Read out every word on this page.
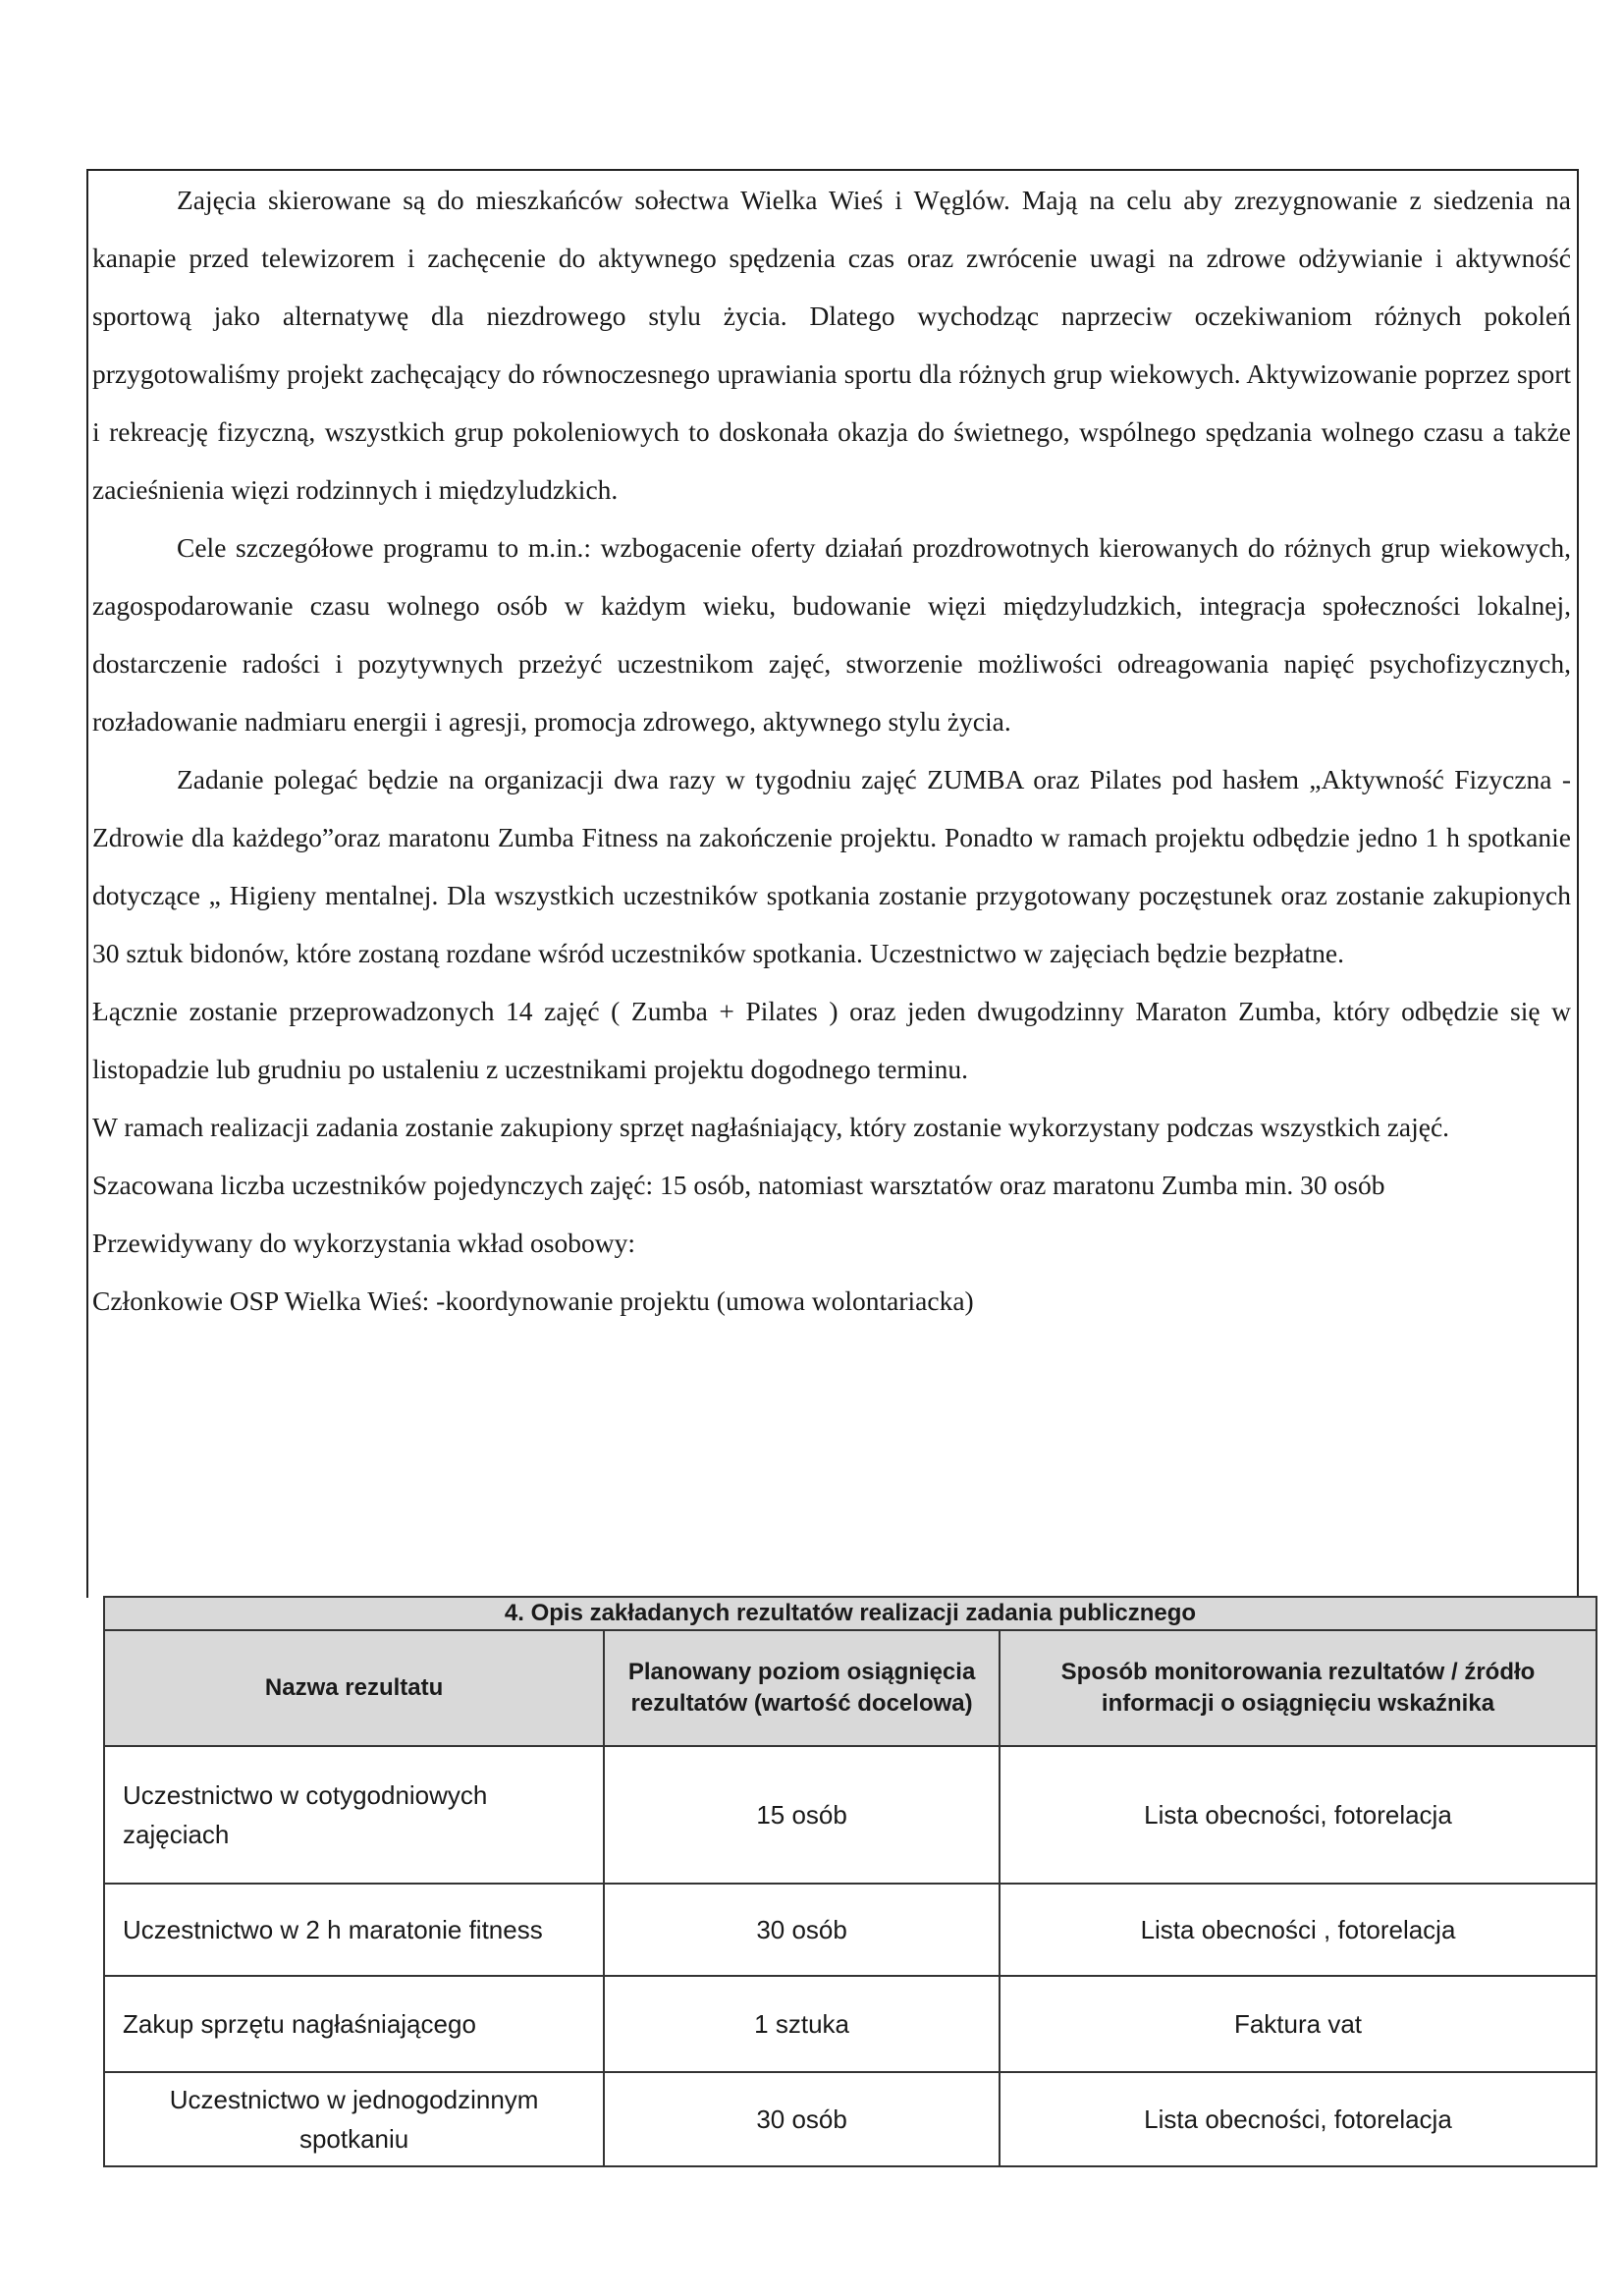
Zajęcia skierowane są do mieszkańców sołectwa Wielka Wieś i Węglów. Mają na celu aby zrezygnowanie z siedzenia na kanapie przed telewizorem i zachęcenie do aktywnego spędzenia czas oraz zwrócenie uwagi na zdrowe odżywianie i aktywność sportową jako alternatywę dla niezdrowego stylu życia. Dlatego wychodząc naprzeciw oczekiwaniom różnych pokoleń przygotowaliśmy projekt zachęcający do równoczesnego uprawiania sportu dla różnych grup wiekowych. Aktywizowanie poprzez sport i rekreację fizyczną, wszystkich grup pokoleniowych to doskonała okazja do świetnego, wspólnego spędzania wolnego czasu a także zacieśnienia więzi rodzinnych i międzyludzkich.

Cele szczegółowe programu to m.in.: wzbogacenie oferty działań prozdrowotnych kierowanych do różnych grup wiekowych, zagospodarowanie czasu wolnego osób w każdym wieku, budowanie więzi międzyludzkich, integracja społeczności lokalnej, dostarczenie radości i pozytywnych przeżyć uczestnikom zajęć, stworzenie możliwości odreagowania napięć psychofizycznych, rozładowanie nadmiaru energii i agresji, promocja zdrowego, aktywnego stylu życia.

Zadanie polegać będzie na organizacji dwa razy w tygodniu zajęć ZUMBA oraz Pilates pod hasłem „Aktywność Fizyczna - Zdrowie dla każdego”oraz maratonu Zumba Fitness na zakończenie projektu. Ponadto w ramach projektu odbędzie jedno 1 h spotkanie dotyczące „ Higieny mentalnej. Dla wszystkich uczestników spotkania zostanie przygotowany poczęstunek oraz zostanie zakupionych 30 sztuk bidonów, które zostaną rozdane wśród uczestników spotkania. Uczestnictwo w zajęciach będzie bezpłatne.

Łącznie zostanie przeprowadzonych 14 zajęć ( Zumba + Pilates ) oraz jeden dwugodzinny Maraton Zumba, który odbędzie się w listopadzie lub grudniu po ustaleniu z uczestnikami projektu dogodnego terminu.

W ramach realizacji zadania zostanie zakupiony sprzęt nagłaśniający, który zostanie wykorzystany podczas wszystkich zajęć.

Szacowana liczba uczestników pojedynczych zajęć: 15 osób, natomiast warsztatów oraz maratonu Zumba min. 30 osób

Przewidywany do wykorzystania wkład osobowy:

Członkowie OSP Wielka Wieś: -koordynowanie projektu (umowa wolontariacka)

4. Opis zakładanych rezultatów realizacji zadania publicznego		
Nazwa rezultatu	Planowany poziom osiągnięcia rezultatów (wartość docelowa)	Sposób monitorowania rezultatów / źródło informacji o osiągnięciu wskaźnika
Uczestnictwo w cotygodniowych zajęciach	15 osób	Lista obecności, fotorelacja
Uczestnictwo w 2 h maratonie fitness	30 osób	Lista obecności , fotorelacja
Zakup sprzętu nagłaśniającego	1 sztuka	Faktura vat
Uczestnictwo w jednogodzinnym spotkaniu	30 osób	Lista obecności, fotorelacja
